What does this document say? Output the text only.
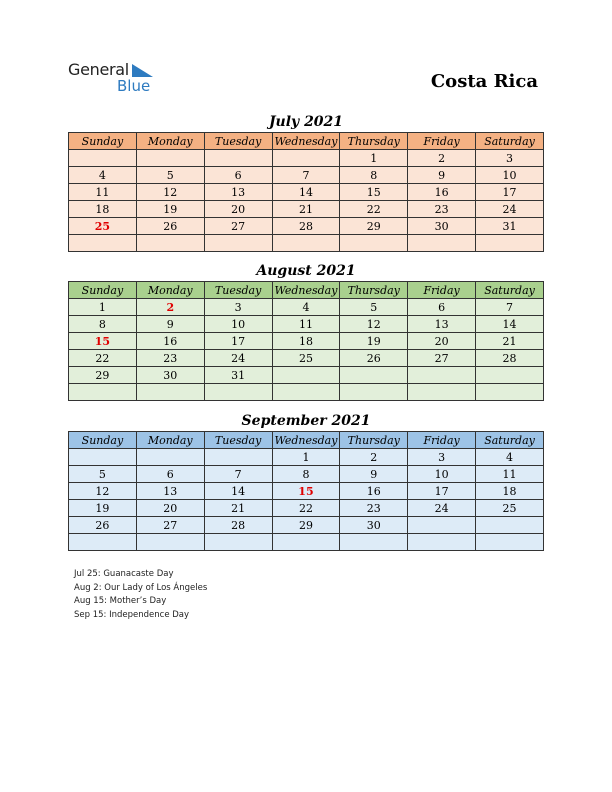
General
Blue	Costa Rica
July 2021
Sunday	Monday	Tuesday	Wednesday	Thursday	Friday	Saturday
				1	2	3
4	5	6	7	8	9	10
11	12	13	14	15	16	17
18	19	20	21	22	23	24
25	26	27	28	29	30	31

August 2021
Sunday	Monday	Tuesday	Wednesday	Thursday	Friday	Saturday
1	2	3	4	5	6	7
8	9	10	11	12	13	14
15	16	17	18	19	20	21
22	23	24	25	26	27	28
29	30	31				

September 2021
Sunday	Monday	Tuesday	Wednesday	Thursday	Friday	Saturday
			1	2	3	4
5	6	7	8	9	10	11
12	13	14	15	16	17	18
19	20	21	22	23	24	25
26	27	28	29	30		

Jul 25: Guanacaste Day
Aug 2: Our Lady of Los Ángeles
Aug 15: Mother’s Day
Sep 15: Independence Day
